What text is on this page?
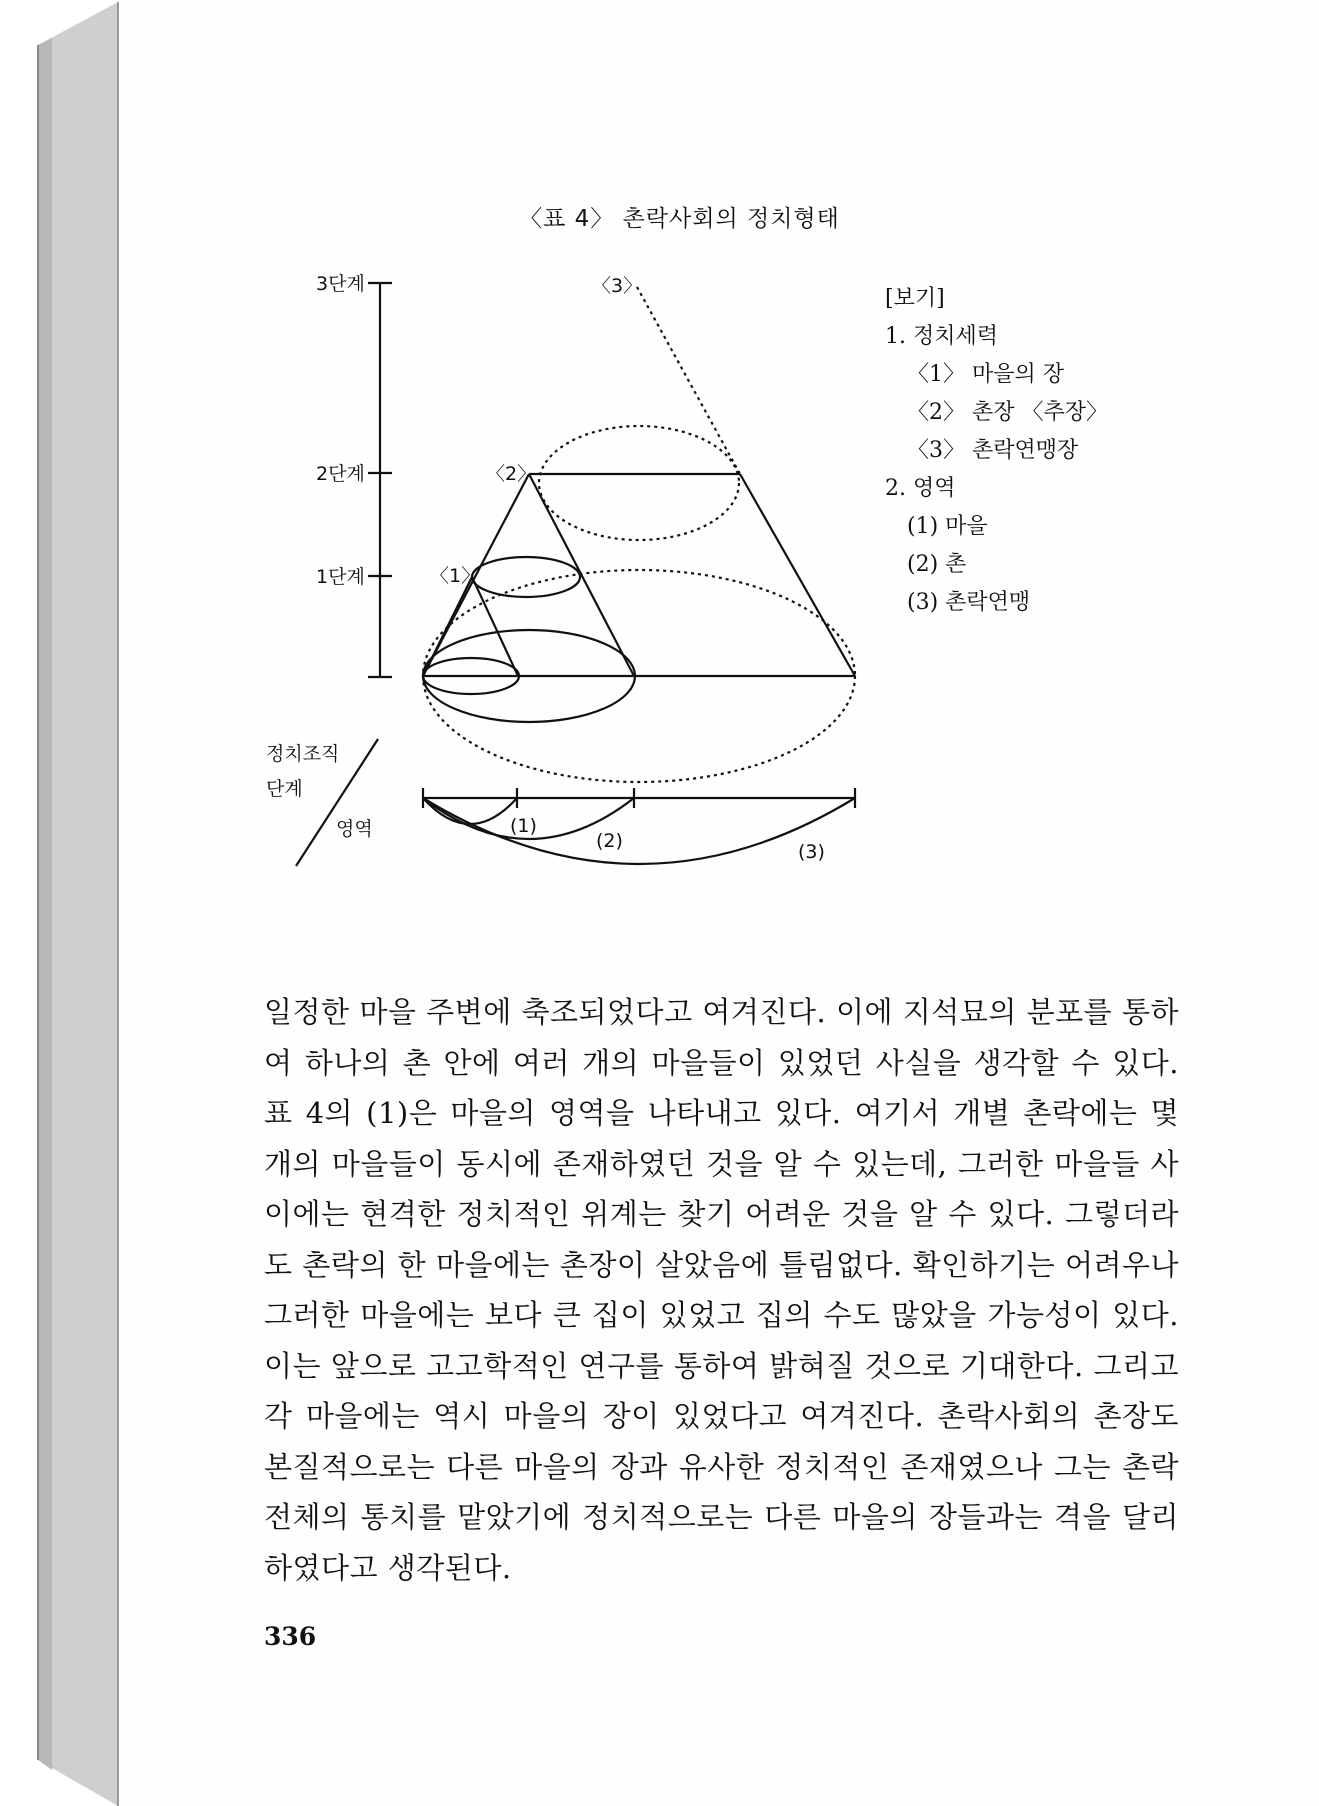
〈표 4〉 촌락사회의 정치형태
3단계
2단계
1단계
〈3〉
〈2〉
〈1〉
정치조직
단계
영역	(1)
(2)	(3)
[보기]
1. 정치세력
〈1〉 마을의 장
〈2〉 촌장 〈추장〉
〈3〉 촌락연맹장
2. 영역
(1) 마을
(2) 촌
(3) 촌락연맹

일정한 마을 주변에 축조되었다고 여겨진다. 이에 지석묘의 분포를 통하여 하나의 촌 안에 여러 개의 마을들이 있었던 사실을 생각할 수 있다. 표 4의 (1)은 마을의 영역을 나타내고 있다. 여기서 개별 촌락에는 몇 개의 마을들이 동시에 존재하였던 것을 알 수 있는데, 그러한 마을들 사이에는 현격한 정치적인 위계는 찾기 어려운 것을 알 수 있다. 그렇더라도 촌락의 한 마을에는 촌장이 살았음에 틀림없다. 확인하기는 어려우나 그러한 마을에는 보다 큰 집이 있었고 집의 수도 많았을 가능성이 있다. 이는 앞으로 고고학적인 연구를 통하여 밝혀질 것으로 기대한다. 그리고 각 마을에는 역시 마을의 장이 있었다고 여겨진다. 촌락사회의 촌장도 본질적으로는 다른 마을의 장과 유사한 정치적인 존재였으나 그는 촌락 전체의 통치를 맡았기에 정치적으로는 다른 마을의 장들과는 격을 달리하였다고 생각된다.

336
